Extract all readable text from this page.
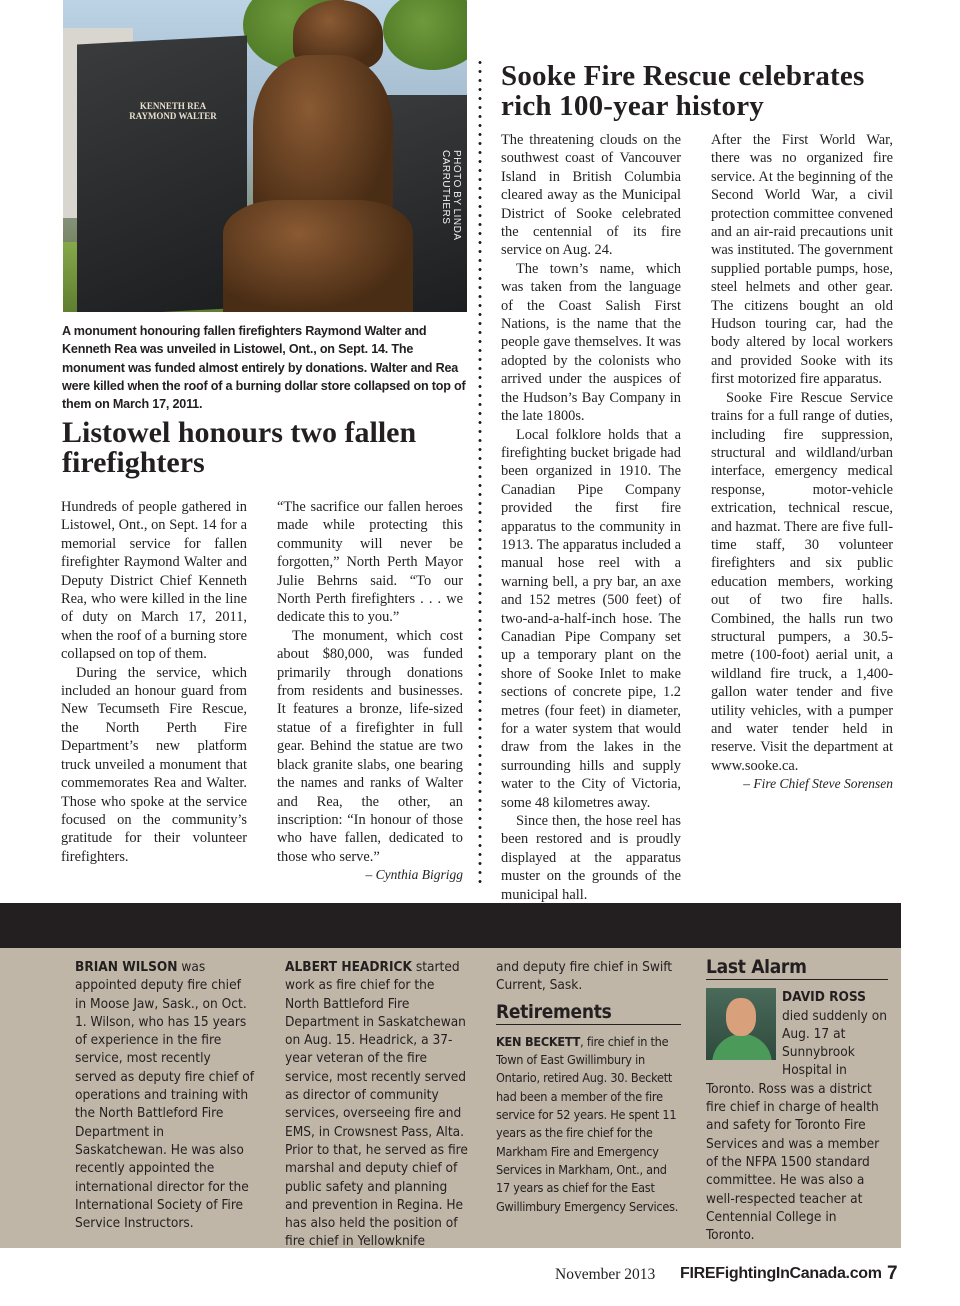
KENNETH REA
RAYMOND WALTER
PHOTO BY LINDA CARRUTHERS
A monument honouring fallen firefighters Raymond Walter and Kenneth Rea was unveiled in Listowel, Ont., on Sept. 14. The monument was funded almost entirely by donations. Walter and Rea were killed when the roof of a burning dollar store collapsed on top of them on March 17, 2011.
Listowel honours two fallen firefighters

Hundreds of people gathered in Listowel, Ont., on Sept. 14 for a memorial service for fallen firefighter Raymond Walter and Deputy District Chief Kenneth Rea, who were killed in the line of duty on March 17, 2011, when the roof of a burning store collapsed on top of them.

During the service, which included an honour guard from New Tecumseth Fire Rescue, the North Perth Fire Department’s new platform truck unveiled a monument that commemorates Rea and Walter. Those who spoke at the service focused on the community’s gratitude for their volunteer firefighters.

“The sacrifice our fallen heroes made while protecting this community will never be forgotten,” North Perth Mayor Julie Behrns said. “To our North Perth firefighters . . . we dedicate this to you.”

The monument, which cost about $80,000, was funded primarily through donations from residents and businesses. It features a bronze, life-sized statue of a firefighter in full gear. Behind the statue are two black granite slabs, one bearing the names and ranks of Walter and Rea, the other, an inscription: “In honour of those who have fallen, dedicated to those who serve.”

– Cynthia Bigrigg

Sooke Fire Rescue celebrates rich 100-year history

The threatening clouds on the southwest coast of Vancouver Island in British Columbia cleared away as the Municipal District of Sooke celebrated the centennial of its fire service on Aug. 24.

The town’s name, which was taken from the language of the Coast Salish First Nations, is the name that the people gave themselves. It was adopted by the colonists who arrived under the auspices of the Hudson’s Bay Company in the late 1800s.

Local folklore holds that a firefighting bucket brigade had been organized in 1910. The Canadian Pipe Company provided the first fire apparatus to the community in 1913. The apparatus included a manual hose reel with a warning bell, a pry bar, an axe and 152 metres (500 feet) of two-and-a-half-inch hose. The Canadian Pipe Company set up a temporary plant on the shore of Sooke Inlet to make sections of concrete pipe, 1.2 metres (four feet) in diameter, for a water system that would draw from the lakes in the surrounding hills and supply water to the City of Victoria, some 48 kilometres away.

Since then, the hose reel has been restored and is proudly displayed at the apparatus muster on the grounds of the municipal hall.

After the First World War, there was no organized fire service. At the beginning of the Second World War, a civil protection committee convened and an air-raid precautions unit was instituted. The government supplied portable pumps, hose, steel helmets and other gear. The citizens bought an old Hudson touring car, had the body altered by local workers and provided Sooke with its first motorized fire apparatus.

Sooke Fire Rescue Service trains for a full range of duties, including fire suppression, structural and wildland/urban interface, emergency medical response, motor-vehicle extrication, technical rescue, and hazmat. There are five full-time staff, 30 volunteer firefighters and six public education members, working out of two fire halls. Combined, the halls run two structural pumpers, a 30.5-metre (100-foot) aerial unit, a wildland fire truck, a 1,400-gallon water tender and five utility vehicles, with a pumper and water tender held in reserve. Visit the department at www.sooke.ca.

– Fire Chief Steve Sorensen

BRIAN WILSON was appointed deputy fire chief in Moose Jaw, Sask., on Oct. 1. Wilson, who has 15 years of experience in the fire service, most recently served as deputy fire chief of operations and training with the North Battleford Fire Department in Saskatchewan. He was also recently appointed the international director for the International Society of Fire Service Instructors.

ALBERT HEADRICK started work as fire chief for the North Battleford Fire Department in Saskatchewan on Aug. 15. Headrick, a 37-year veteran of the fire service, most recently served as director of community services, overseeing fire and EMS, in Crowsnest Pass, Alta. Prior to that, he served as fire marshal and deputy chief of public safety and planning and prevention in Regina. He has also held the position of fire chief in Yellowknife

and deputy fire chief in Swift Current, Sask.

Retirements

KEN BECKETT, fire chief in the Town of East Gwillimbury in Ontario, retired Aug. 30. Beckett had been a member of the fire service for 52 years. He spent 11 years as the fire chief for the Markham Fire and Emergency Services in Markham, Ont., and 17 years as chief for the East Gwillimbury Emergency Services.

Last Alarm

DAVID ROSS died suddenly on Aug. 17 at Sunnybrook Hospital in Toronto. Ross was a district fire chief in charge of health and safety for Toronto Fire Services and was a member of the NFPA 1500 standard committee. He was also a well-respected teacher at Centennial College in Toronto.

November 2013 FIREFightingInCanada.com 7
